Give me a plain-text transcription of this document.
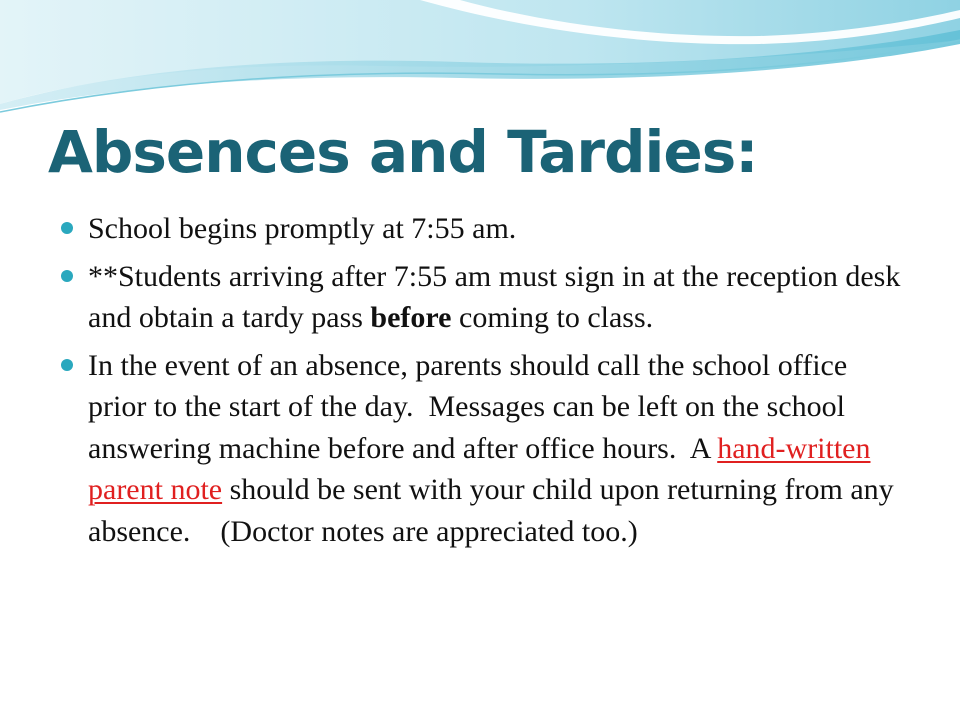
Absences and Tardies:
School begins promptly at 7:55 am.
**Students arriving after 7:55 am must sign in at the reception desk and obtain a tardy pass before coming to class.
In the event of an absence, parents should call the school office prior to the start of the day.  Messages can be left on the school answering machine before and after office hours.  A hand-written parent note should be sent with your child upon returning from any absence.    (Doctor notes are appreciated too.)
